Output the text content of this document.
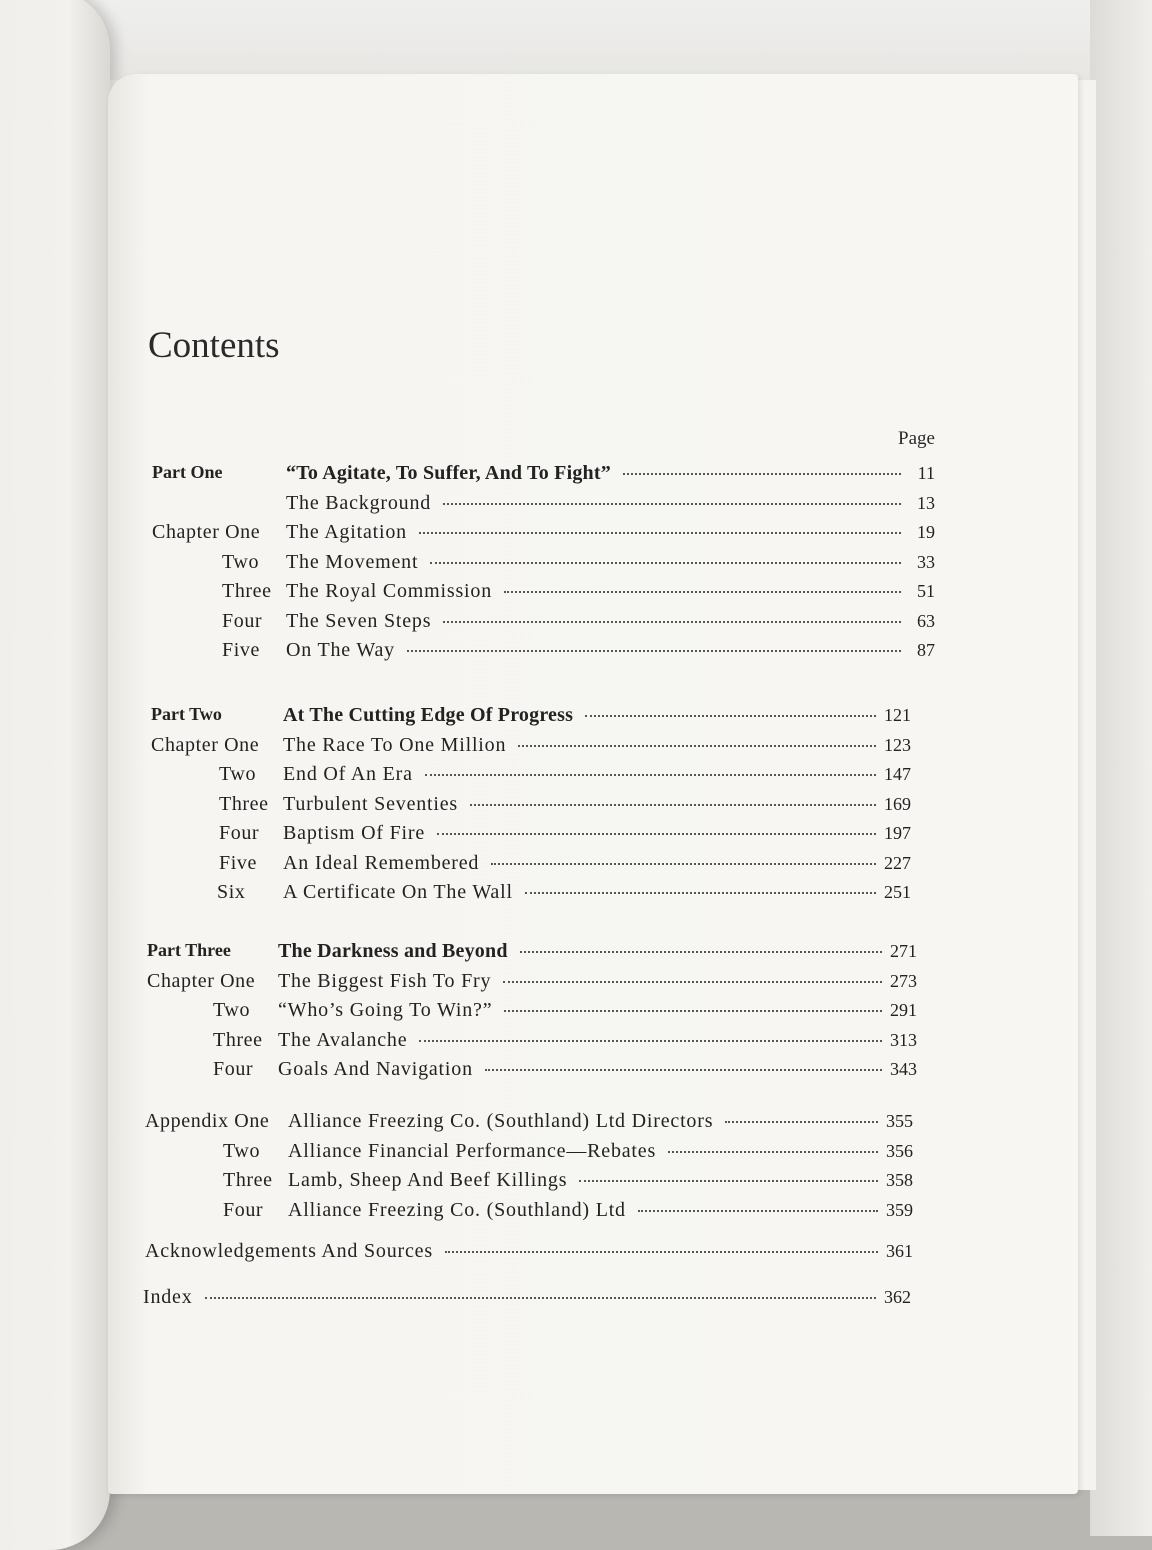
Contents
Page
Part One	“To Agitate, To Suffer, And To Fight”	11
The Background	13
Chapter One The Agitation	19
Two The Movement	33
Three The Royal Commission	51
Four The Seven Steps	63
Five On The Way	87
Part Two	At The Cutting Edge Of Progress	121
Chapter One The Race To One Million	123
Two End Of An Era	147
Three Turbulent Seventies	169
Four Baptism Of Fire	197
Five An Ideal Remembered	227
Six A Certificate On The Wall	251
Part Three The Darkness and Beyond	271
Chapter One The Biggest Fish To Fry	273
Two “Who’s Going To Win?”	291
Three The Avalanche	313
Four Goals And Navigation	343
Appendix One Alliance Freezing Co. (Southland) Ltd Directors	355
Two Alliance Financial Performance—Rebates	356
Three Lamb, Sheep And Beef Killings	358
Four Alliance Freezing Co. (Southland) Ltd	359
Acknowledgements And Sources	361
Index	362
